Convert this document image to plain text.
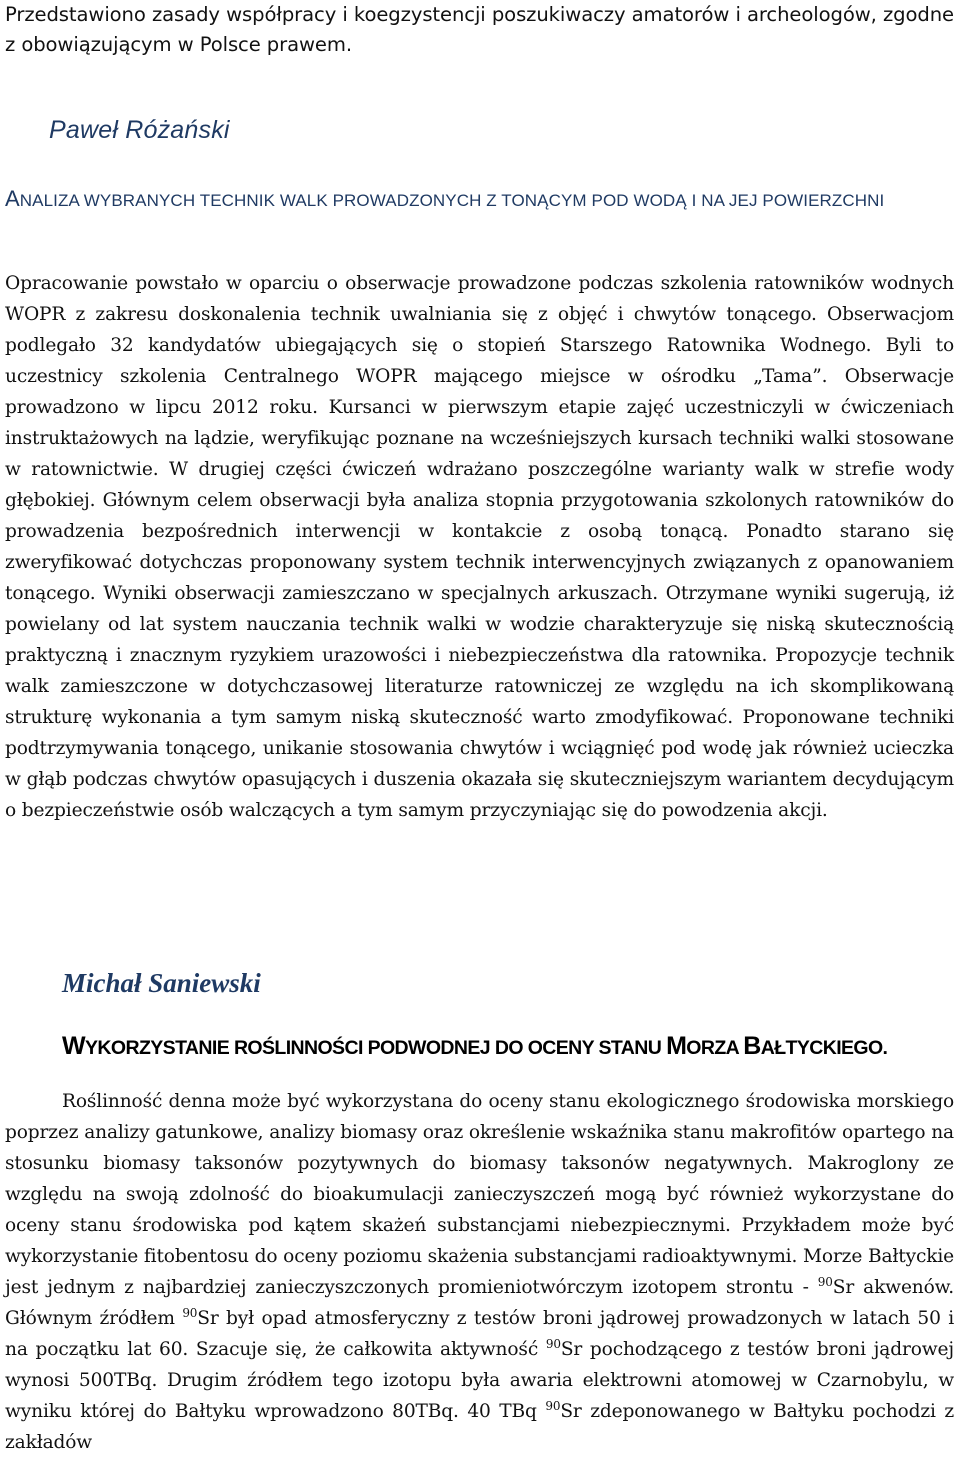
Przedstawiono zasady współpracy i koegzystencji poszukiwaczy amatorów i archeologów, zgodne z obowiązującym w Polsce prawem.

Paweł Różański
ANALIZA WYBRANYCH TECHNIK WALK PROWADZONYCH Z TONĄCYM POD WODĄ I NA JEJ POWIERZCHNI

Opracowanie powstało w oparciu o obserwacje prowadzone podczas szkolenia ratowników wodnych WOPR z zakresu doskonalenia technik uwalniania się z objęć i chwytów tonącego. Obserwacjom podlegało 32 kandydatów ubiegających się o stopień Starszego Ratownika Wodnego. Byli to uczestnicy szkolenia Centralnego WOPR mającego miejsce w ośrodku „Tama”. Obserwacje prowadzono w lipcu 2012 roku. Kursanci w pierwszym etapie zajęć uczestniczyli w ćwiczeniach instruktażowych na lądzie, weryfikując poznane na wcześniejszych kursach techniki walki stosowane w ratownictwie. W drugiej części ćwiczeń wdrażano poszczególne warianty walk w strefie wody głębokiej. Głównym celem obserwacji była analiza stopnia przygotowania szkolonych ratowników do prowadzenia bezpośrednich interwencji w kontakcie z osobą tonącą. Ponadto starano się zweryfikować dotychczas proponowany system technik interwencyjnych związanych z opanowaniem tonącego. Wyniki obserwacji zamieszczano w specjalnych arkuszach. Otrzymane wyniki sugerują, iż powielany od lat system nauczania technik walki w wodzie charakteryzuje się niską skutecznością praktyczną i znacznym ryzykiem urazowości i niebezpieczeństwa dla ratownika. Propozycje technik walk zamieszczone w dotychczasowej literaturze ratowniczej ze względu na ich skomplikowaną strukturę wykonania a tym samym niską skuteczność warto zmodyfikować. Proponowane techniki podtrzymywania tonącego, unikanie stosowania chwytów i wciągnięć pod wodę jak również ucieczka w głąb podczas chwytów opasujących i duszenia okazała się skuteczniejszym wariantem decydującym o bezpieczeństwie osób walczących a tym samym przyczyniając się do powodzenia akcji.

Michał Saniewski
WYKORZYSTANIE ROŚLINNOŚCI PODWODNEJ DO OCENY STANU MORZA BAŁTYCKIEGO.

Roślinność denna może być wykorzystana do oceny stanu ekologicznego środowiska morskiego poprzez analizy gatunkowe, analizy biomasy oraz określenie wskaźnika stanu makrofitów opartego na stosunku biomasy taksonów pozytywnych do biomasy taksonów negatywnych. Makroglony ze względu na swoją zdolność do bioakumulacji zanieczyszczeń mogą być również wykorzystane do oceny stanu środowiska pod kątem skażeń substancjami niebezpiecznymi. Przykładem może być wykorzystanie fitobentosu do oceny poziomu skażenia substancjami radioaktywnymi. Morze Bałtyckie jest jednym z najbardziej zanieczyszczonych promieniotwórczym izotopem strontu - $^{90}$Sr akwenów. Głównym źródłem $^{90}$Sr był opad atmosferyczny z testów broni jądrowej prowadzonych w latach 50 i na początku lat 60. Szacuje się, że całkowita aktywność $^{90}$Sr pochodzącego z testów broni jądrowej wynosi 500TBq. Drugim źródłem tego izotopu była awaria elektrowni atomowej w Czarnobylu, w wyniku której do Bałtyku wprowadzono 80TBq. 40 TBq $^{90}$Sr zdeponowanego w Bałtyku pochodzi z zakładów
